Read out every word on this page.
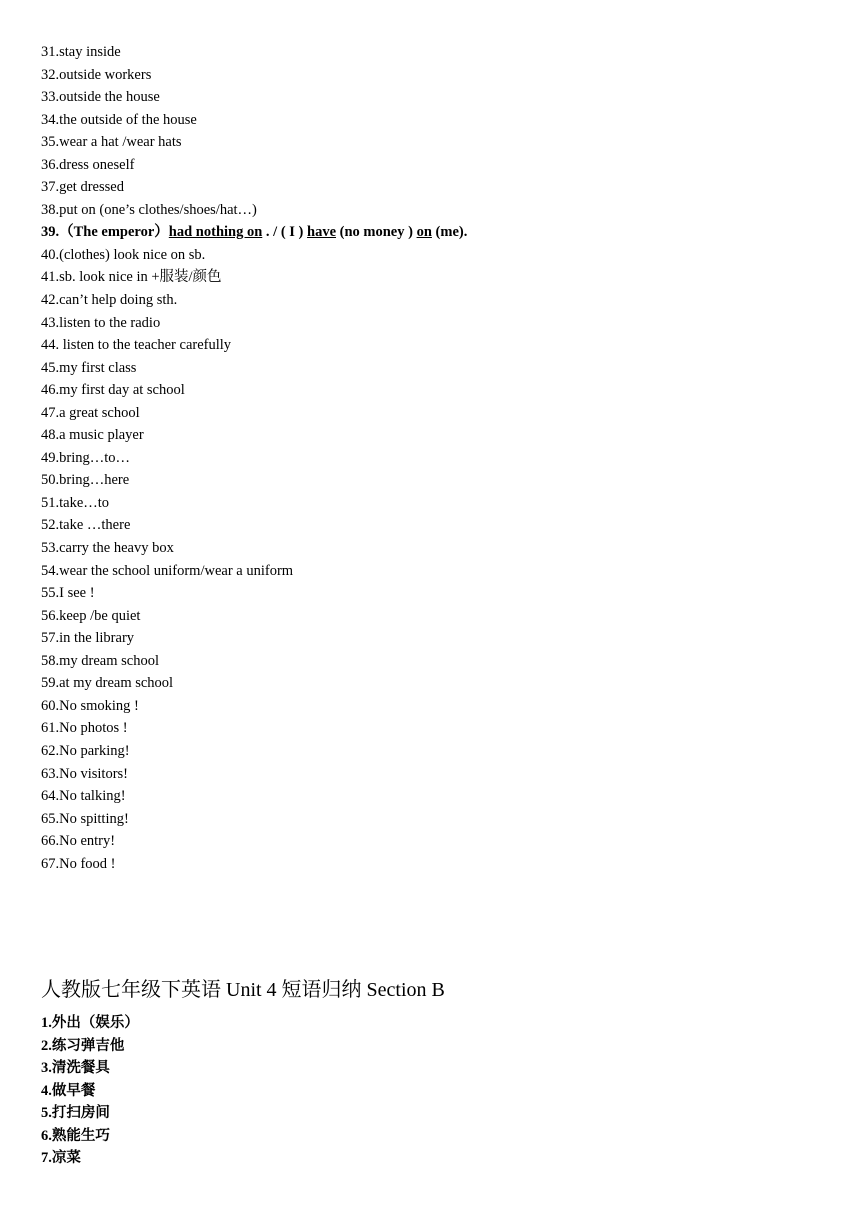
31.stay inside
32.outside workers
33.outside the house
34.the outside of the house
35.wear a hat /wear hats
36.dress oneself
37.get dressed
38.put on (one’s clothes/shoes/hat…)
39.（The emperor）had nothing on . / ( I ) have (no money ) on (me).
40.(clothes) look nice on sb.
41.sb. look nice in +服装/颜色
42.can’t help doing sth.
43.listen to the radio
44. listen to the teacher carefully
45.my first class
46.my first day at school
47.a great school
48.a music player
49.bring…to…
50.bring…here
51.take…to
52.take …there
53.carry the heavy box
54.wear the school uniform/wear a uniform
55.I see !
56.keep /be quiet
57.in the library
58.my dream school
59.at my dream school
60.No smoking !
61.No photos !
62.No parking!
63.No visitors!
64.No talking!
65.No spitting!
66.No entry!
67.No food !
人教版七年级下英语 Unit 4 短语归纳 Section B
1.外出（娱乐）
2.练习弹吉他
3.清洗餐具
4.做早餐
5.打扫房间
6.熟能生巧
7.凉菜
